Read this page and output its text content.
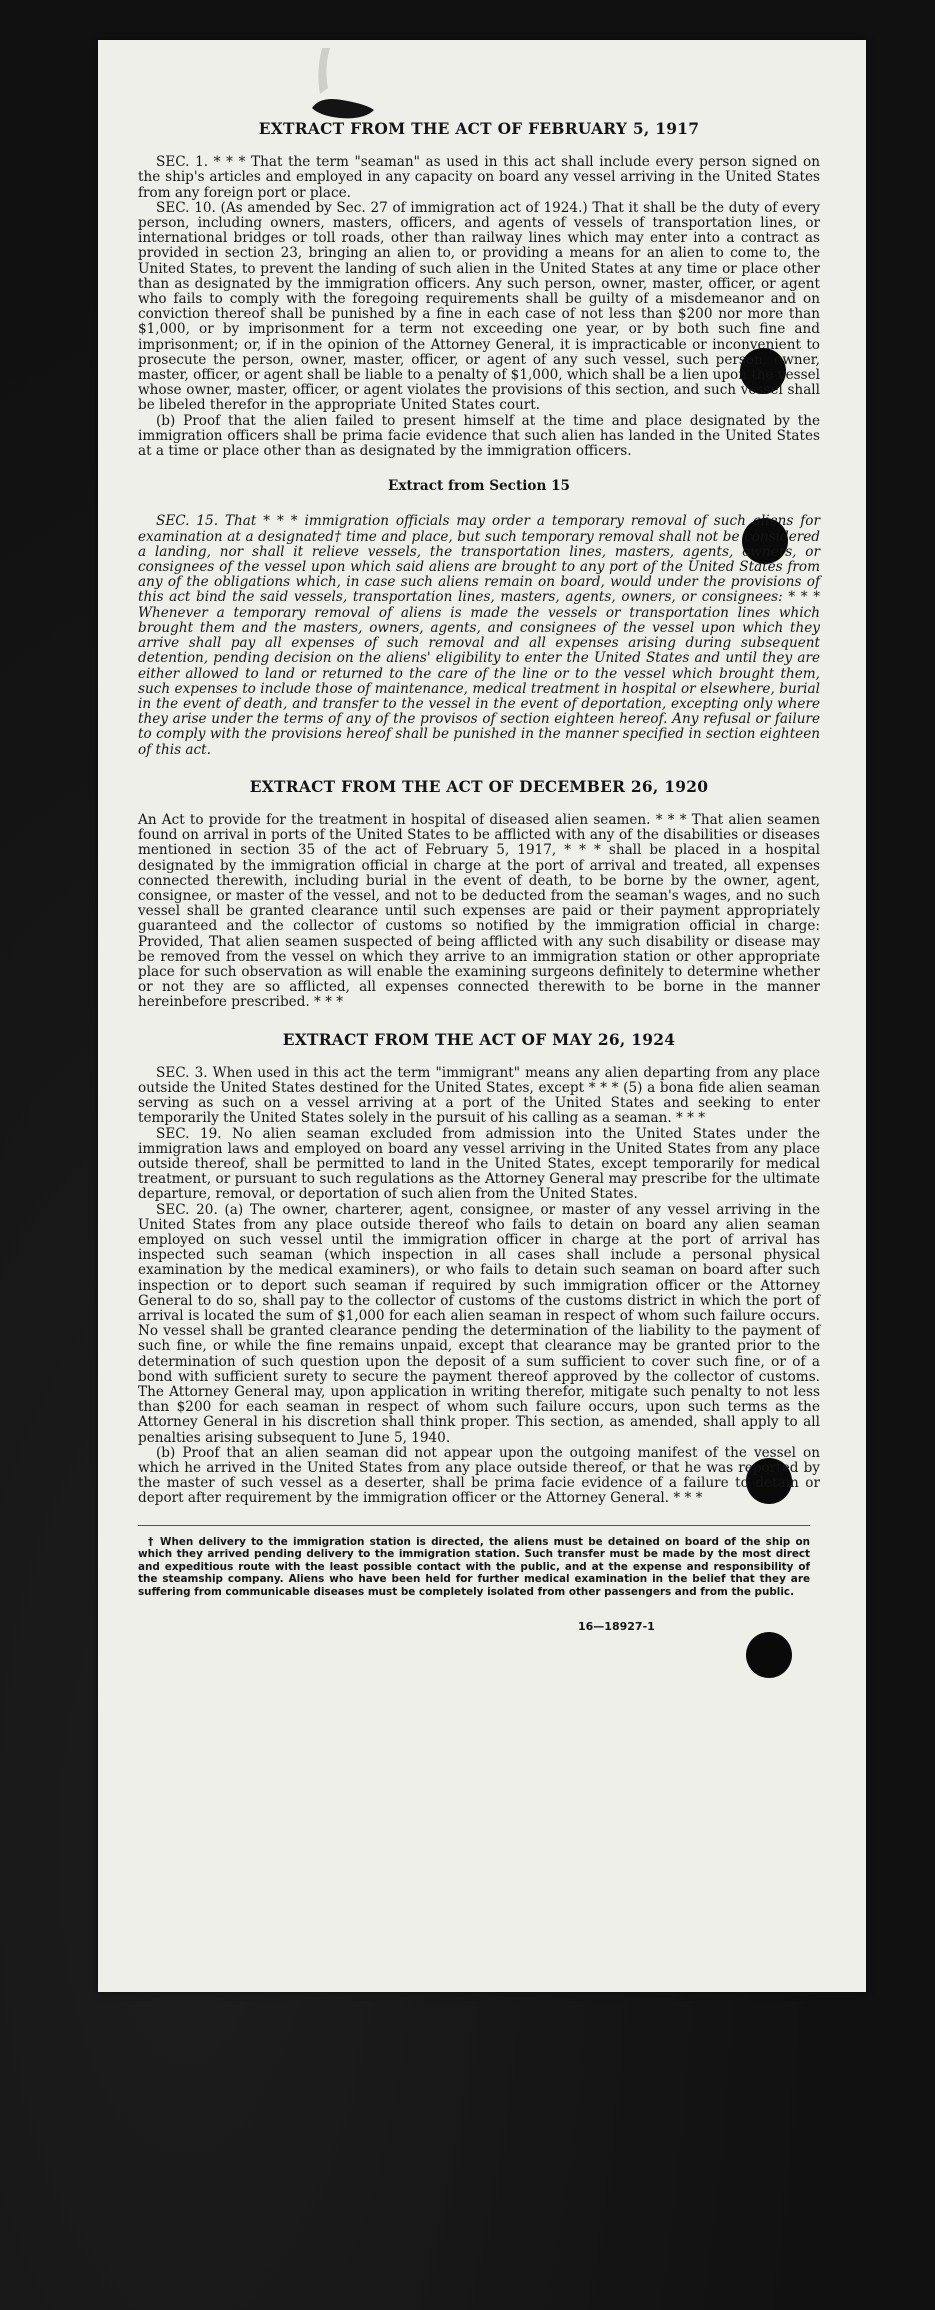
EXTRACT FROM THE ACT OF FEBRUARY 5, 1917

SEC. 1. * * * That the term "seaman" as used in this act shall include every person signed on the ship's articles and employed in any capacity on board any vessel arriving in the United States from any foreign port or place.

SEC. 10. (As amended by Sec. 27 of immigration act of 1924.) That it shall be the duty of every person, including owners, masters, officers, and agents of vessels of transportation lines, or international bridges or toll roads, other than railway lines which may enter into a contract as provided in section 23, bringing an alien to, or providing a means for an alien to come to, the United States, to prevent the landing of such alien in the United States at any time or place other than as designated by the immigration officers. Any such person, owner, master, officer, or agent who fails to comply with the foregoing requirements shall be guilty of a misdemeanor and on conviction thereof shall be punished by a fine in each case of not less than $200 nor more than $1,000, or by imprisonment for a term not exceeding one year, or by both such fine and imprisonment; or, if in the opinion of the Attorney General, it is impracticable or inconvenient to prosecute the person, owner, master, officer, or agent of any such vessel, such person, owner, master, officer, or agent shall be liable to a penalty of $1,000, which shall be a lien upon the vessel whose owner, master, officer, or agent violates the provisions of this section, and such vessel shall be libeled therefor in the appropriate United States court.

(b) Proof that the alien failed to present himself at the time and place designated by the immigration officers shall be prima facie evidence that such alien has landed in the United States at a time or place other than as designated by the immigration officers.

Extract from Section 15

SEC. 15. That * * * immigration officials may order a temporary removal of such aliens for examination at a designated† time and place, but such temporary removal shall not be considered a landing, nor shall it relieve vessels, the transportation lines, masters, agents, owners, or consignees of the vessel upon which said aliens are brought to any port of the United States from any of the obligations which, in case such aliens remain on board, would under the provisions of this act bind the said vessels, transportation lines, masters, agents, owners, or consignees: * * * Whenever a temporary removal of aliens is made the vessels or transportation lines which brought them and the masters, owners, agents, and consignees of the vessel upon which they arrive shall pay all expenses of such removal and all expenses arising during subsequent detention, pending decision on the aliens' eligibility to enter the United States and until they are either allowed to land or returned to the care of the line or to the vessel which brought them, such expenses to include those of maintenance, medical treatment in hospital or elsewhere, burial in the event of death, and transfer to the vessel in the event of deportation, excepting only where they arise under the terms of any of the provisos of section eighteen hereof. Any refusal or failure to comply with the provisions hereof shall be punished in the manner specified in section eighteen of this act.

EXTRACT FROM THE ACT OF DECEMBER 26, 1920

An Act to provide for the treatment in hospital of diseased alien seamen. * * * That alien seamen found on arrival in ports of the United States to be afflicted with any of the disabilities or diseases mentioned in section 35 of the act of February 5, 1917, * * * shall be placed in a hospital designated by the immigration official in charge at the port of arrival and treated, all expenses connected therewith, including burial in the event of death, to be borne by the owner, agent, consignee, or master of the vessel, and not to be deducted from the seaman's wages, and no such vessel shall be granted clearance until such expenses are paid or their payment appropriately guaranteed and the collector of customs so notified by the immigration official in charge: Provided, That alien seamen suspected of being afflicted with any such disability or disease may be removed from the vessel on which they arrive to an immigration station or other appropriate place for such observation as will enable the examining surgeons definitely to determine whether or not they are so afflicted, all expenses connected therewith to be borne in the manner hereinbefore prescribed. * * *

EXTRACT FROM THE ACT OF MAY 26, 1924

SEC. 3. When used in this act the term "immigrant" means any alien departing from any place outside the United States destined for the United States, except * * * (5) a bona fide alien seaman serving as such on a vessel arriving at a port of the United States and seeking to enter temporarily the United States solely in the pursuit of his calling as a seaman. * * *

SEC. 19. No alien seaman excluded from admission into the United States under the immigration laws and employed on board any vessel arriving in the United States from any place outside thereof, shall be permitted to land in the United States, except temporarily for medical treatment, or pursuant to such regulations as the Attorney General may prescribe for the ultimate departure, removal, or deportation of such alien from the United States.

SEC. 20. (a) The owner, charterer, agent, consignee, or master of any vessel arriving in the United States from any place outside thereof who fails to detain on board any alien seaman employed on such vessel until the immigration officer in charge at the port of arrival has inspected such seaman (which inspection in all cases shall include a personal physical examination by the medical examiners), or who fails to detain such seaman on board after such inspection or to deport such seaman if required by such immigration officer or the Attorney General to do so, shall pay to the collector of customs of the customs district in which the port of arrival is located the sum of $1,000 for each alien seaman in respect of whom such failure occurs. No vessel shall be granted clearance pending the determination of the liability to the payment of such fine, or while the fine remains unpaid, except that clearance may be granted prior to the determination of such question upon the deposit of a sum sufficient to cover such fine, or of a bond with sufficient surety to secure the payment thereof approved by the collector of customs. The Attorney General may, upon application in writing therefor, mitigate such penalty to not less than $200 for each seaman in respect of whom such failure occurs, upon such terms as the Attorney General in his discretion shall think proper. This section, as amended, shall apply to all penalties arising subsequent to June 5, 1940.

(b) Proof that an alien seaman did not appear upon the outgoing manifest of the vessel on which he arrived in the United States from any place outside thereof, or that he was reported by the master of such vessel as a deserter, shall be prima facie evidence of a failure to detain or deport after requirement by the immigration officer or the Attorney General. * * *

† When delivery to the immigration station is directed, the aliens must be detained on board of the ship on which they arrived pending delivery to the immigration station. Such transfer must be made by the most direct and expeditious route with the least possible contact with the public, and at the expense and responsibility of the steamship company. Aliens who have been held for further medical examination in the belief that they are suffering from communicable diseases must be completely isolated from other passengers and from the public.

16—18927-1
